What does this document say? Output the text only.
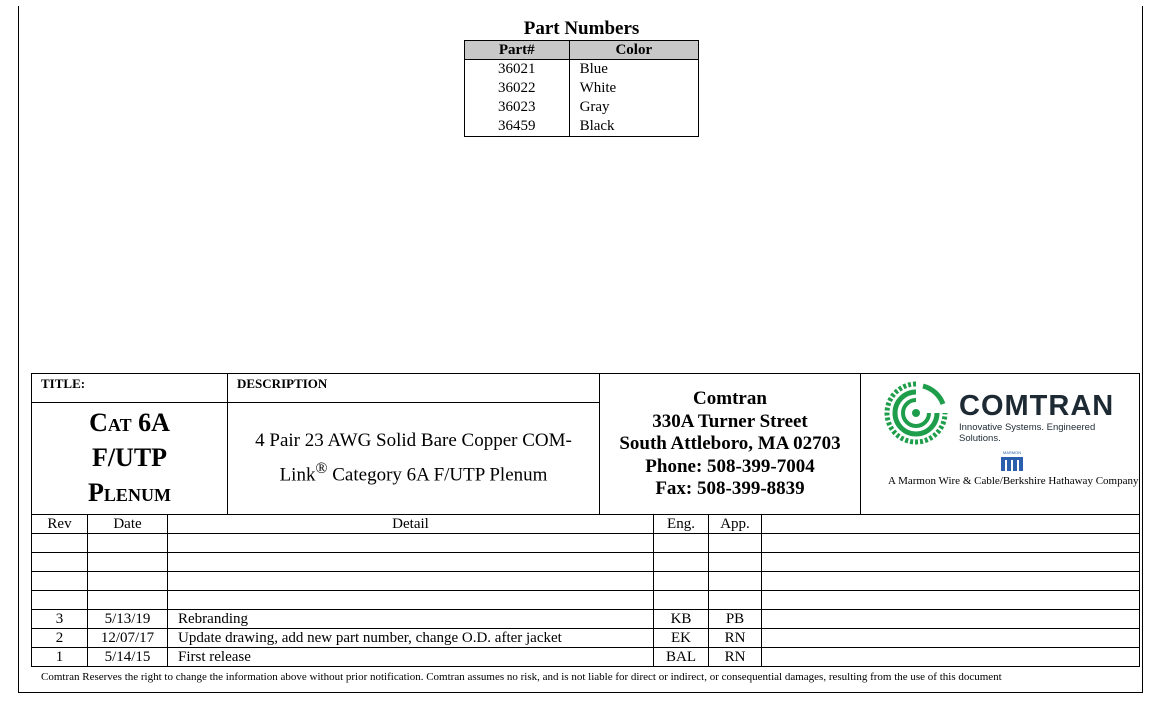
Part Numbers
Part#	Color
36021	Blue
36022	White
36023	Gray
36459	Black
TITLE:	DESCRIPTION
Cat 6A
F/UTP
Plenum
4 Pair 23 AWG Solid Bare Copper COM-Link® Category 6A F/UTP Plenum
Comtran
330A Turner Street
South Attleboro, MA 02703
Phone: 508-399-7004
Fax: 508-399-8839
COMTRAN
Innovative Systems. Engineered Solutions.
MARMON
A Marmon Wire & Cable/Berkshire Hathaway Company
Rev	Date	Detail	Eng.	App.	

3	5/13/19	Rebranding	KB	PB	
2	12/07/17	Update drawing, add new part number, change O.D. after jacket	EK	RN	
1	5/14/15	First release	BAL	RN	
Comtran Reserves the right to change the information above without prior notification. Comtran assumes no risk, and is not liable for direct or indirect, or consequential damages, resulting from the use of this document
